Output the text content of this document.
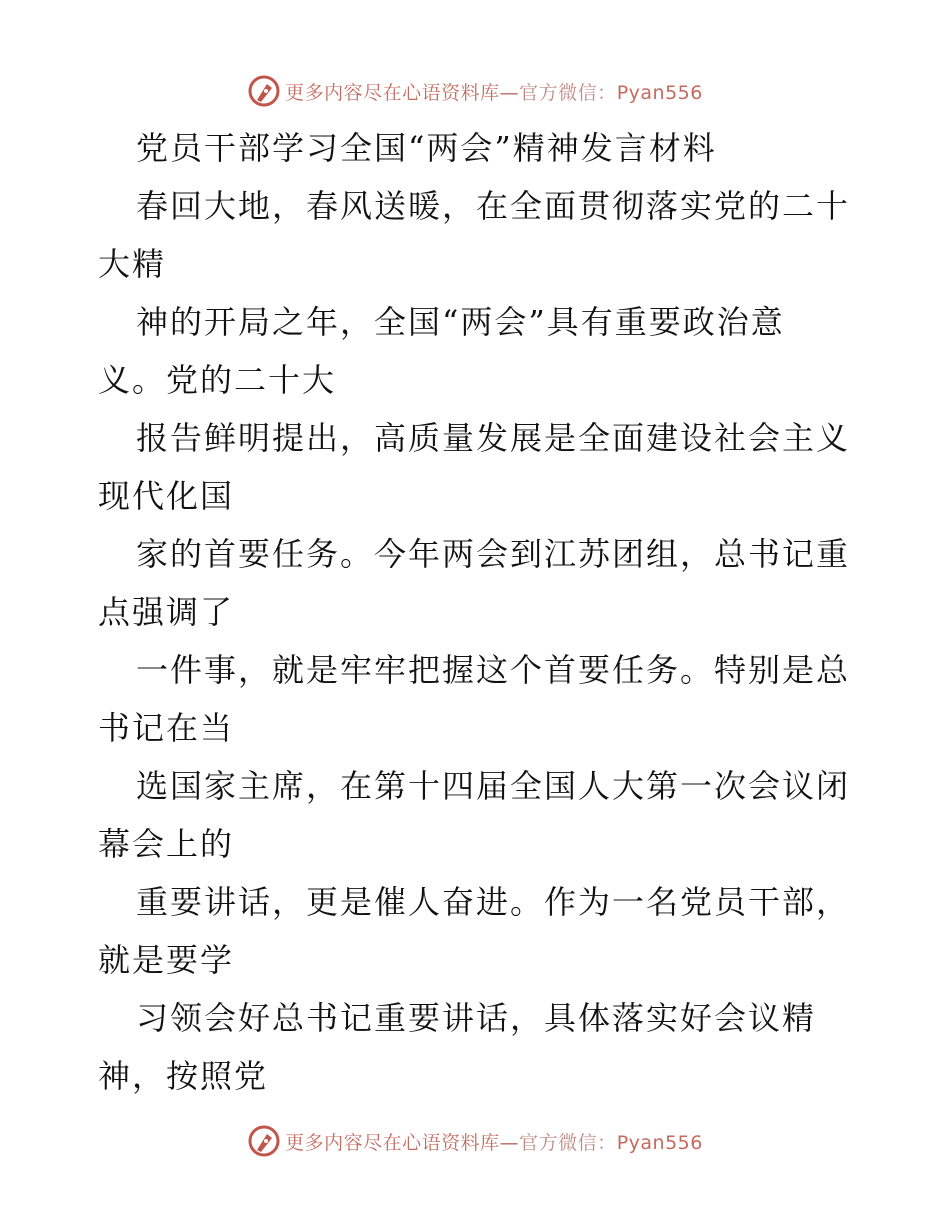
更多内容尽在心语资料库—官方微信：Pyan556
党员干部学习全国“两会”精神发言材料
春回大地，春风送暖，在全面贯彻落实党的二十
大精
神的开局之年，全国“两会”具有重要政治意
义。党的二十大
报告鲜明提出，高质量发展是全面建设社会主义
现代化国
家的首要任务。今年两会到江苏团组，总书记重
点强调了
一件事，就是牢牢把握这个首要任务。特别是总
书记在当
选国家主席，在第十四届全国人大第一次会议闭
幕会上的
重要讲话，更是催人奋进。作为一名党员干部，
就是要学
习领会好总书记重要讲话，具体落实好会议精
神，按照党
更多内容尽在心语资料库—官方微信：Pyan556
